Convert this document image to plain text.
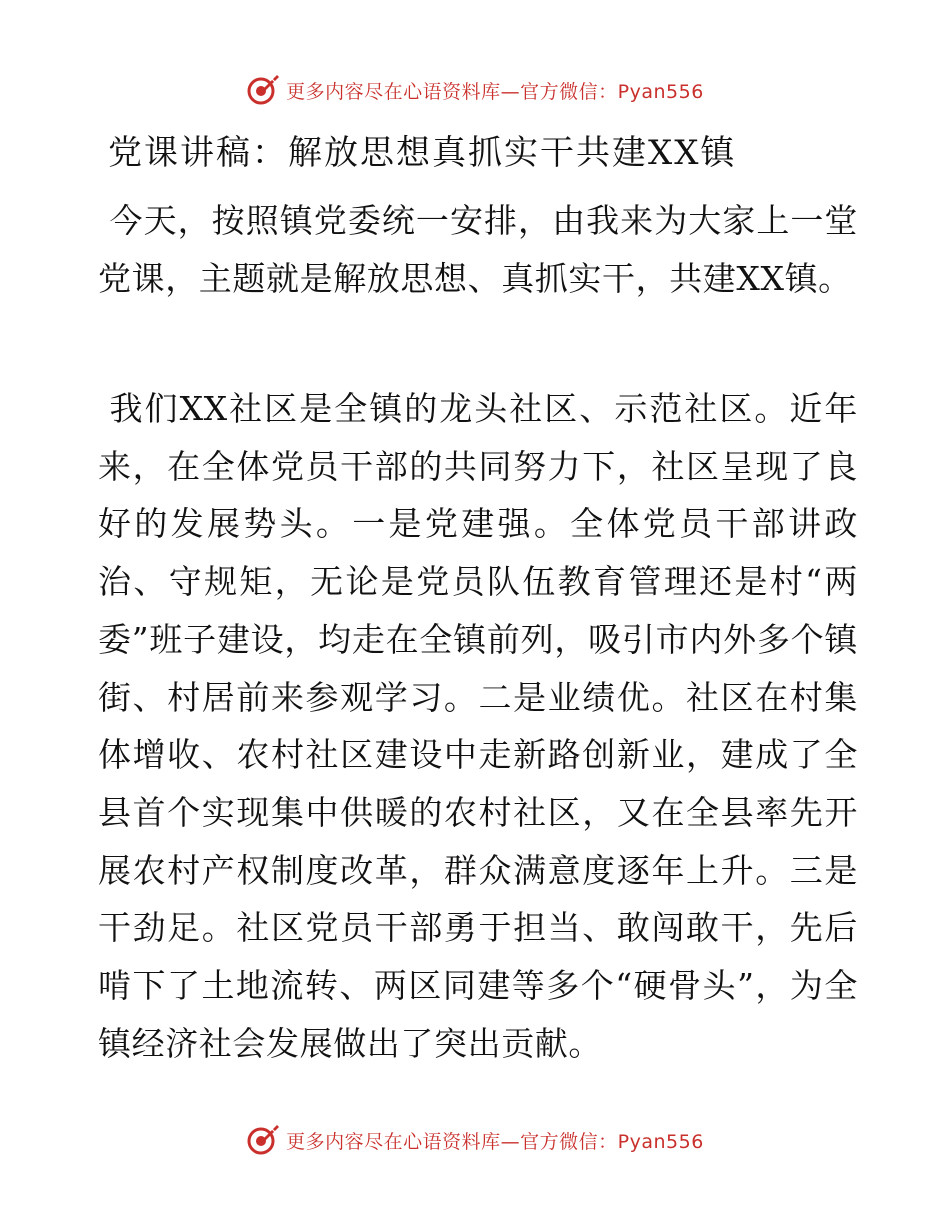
更多内容尽在心语资料库—官方微信：Pyan556
党课讲稿：解放思想真抓实干共建XX镇

今天，按照镇党委统一安排，由我来为大家上一堂党课，主题就是解放思想、真抓实干，共建XX镇。

我们XX社区是全镇的龙头社区、示范社区。近年来，在全体党员干部的共同努力下，社区呈现了良好的发展势头。一是党建强。全体党员干部讲政治、守规矩，无论是党员队伍教育管理还是村“两委”班子建设，均走在全镇前列，吸引市内外多个镇街、村居前来参观学习。二是业绩优。社区在村集体增收、农村社区建设中走新路创新业，建成了全县首个实现集中供暖的农村社区，又在全县率先开展农村产权制度改革，群众满意度逐年上升。三是干劲足。社区党员干部勇于担当、敢闯敢干，先后啃下了土地流转、两区同建等多个“硬骨头”，为全镇经济社会发展做出了突出贡献。

更多内容尽在心语资料库—官方微信：Pyan556
